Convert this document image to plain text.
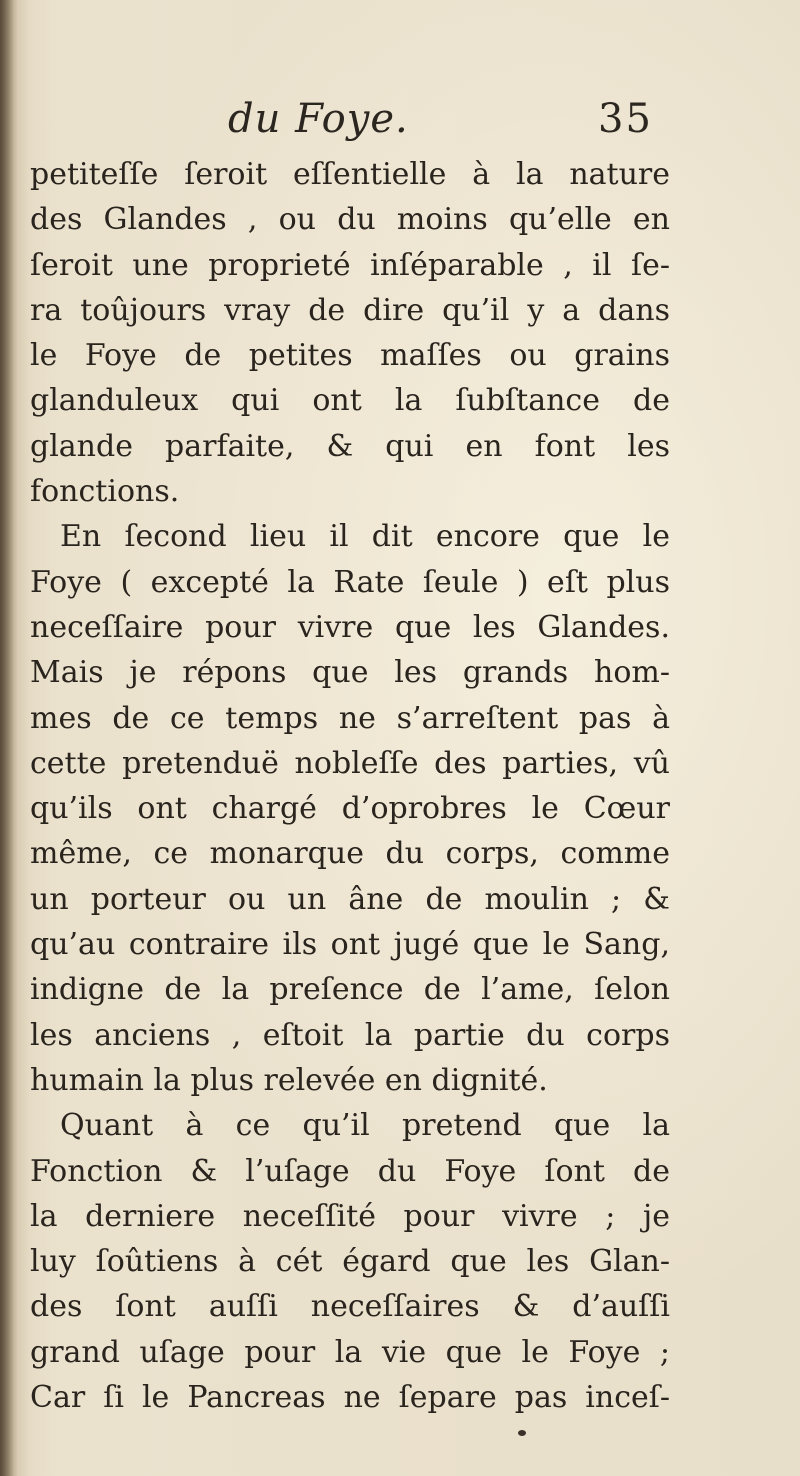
du Foye.	35
petiteſſe ſeroit eſſentielle à la nature
des Glandes , ou du moins qu’elle en
ſeroit une proprieté inſéparable , il ſe-
ra toûjours vray de dire qu’il y a dans
le Foye de petites maſſes ou grains
glanduleux qui ont la ſubſtance de
glande parfaite, & qui en font les
fonctions.
En ſecond lieu il dit encore que le
Foye ( excepté la Rate ſeule ) eſt plus
neceſſaire pour vivre que les Glandes.
Mais je répons que les grands hom-
mes de ce temps ne s’arreſtent pas à
cette pretenduë nobleſſe des parties, vû
qu’ils ont chargé d’oprobres le Cœur
même, ce monarque du corps, comme
un porteur ou un âne de moulin ; &
qu’au contraire ils ont jugé que le Sang,
indigne de la preſence de l’ame, ſelon
les anciens , eſtoit la partie du corps
humain la plus relevée en dignité.
Quant à ce qu’il pretend que la
Fonction & l’uſage du Foye ſont de
la derniere neceſſité pour vivre ; je
luy ſoûtiens à cét égard que les Glan-
des ſont auſſi neceſſaires & d’auſſi
grand uſage pour la vie que le Foye ;
Car ſi le Pancreas ne ſepare pas inceſ-
